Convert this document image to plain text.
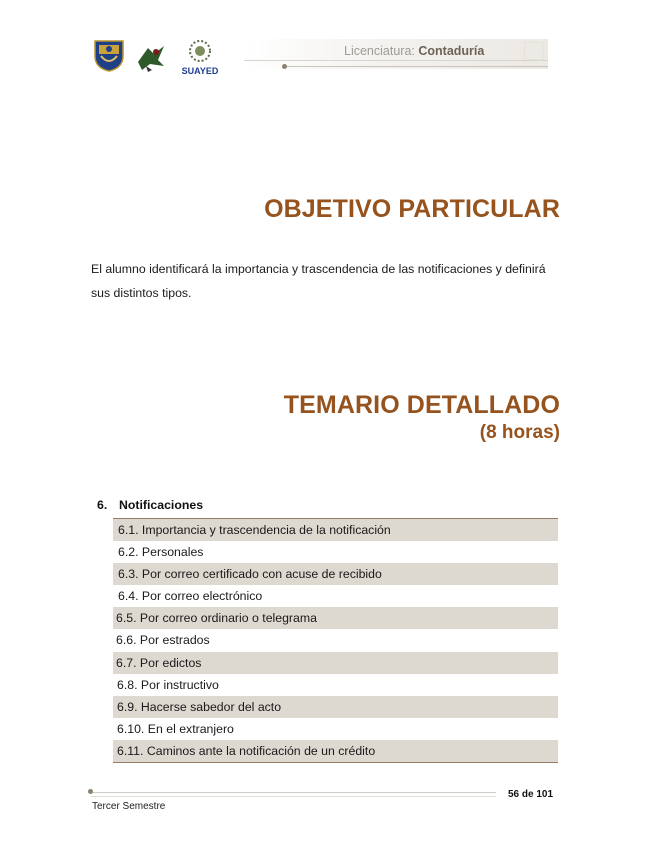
SUAYED
Licenciatura: Contaduría
OBJETIVO PARTICULAR

El alumno identificará la importancia y trascendencia de las notificaciones y definirá sus distintos tipos.

TEMARIO DETALLADO
(8 horas)
6. Notificaciones
6.1. Importancia y trascendencia de la notificación
6.2. Personales
6.3. Por correo certificado con acuse de recibido
6.4. Por correo electrónico
6.5. Por correo ordinario o telegrama
6.6. Por estrados
6.7. Por edictos
6.8. Por instructivo
6.9. Hacerse sabedor del acto
6.10. En el extranjero
6.11. Caminos ante la notificación de un crédito
56 de 101
Tercer Semestre
